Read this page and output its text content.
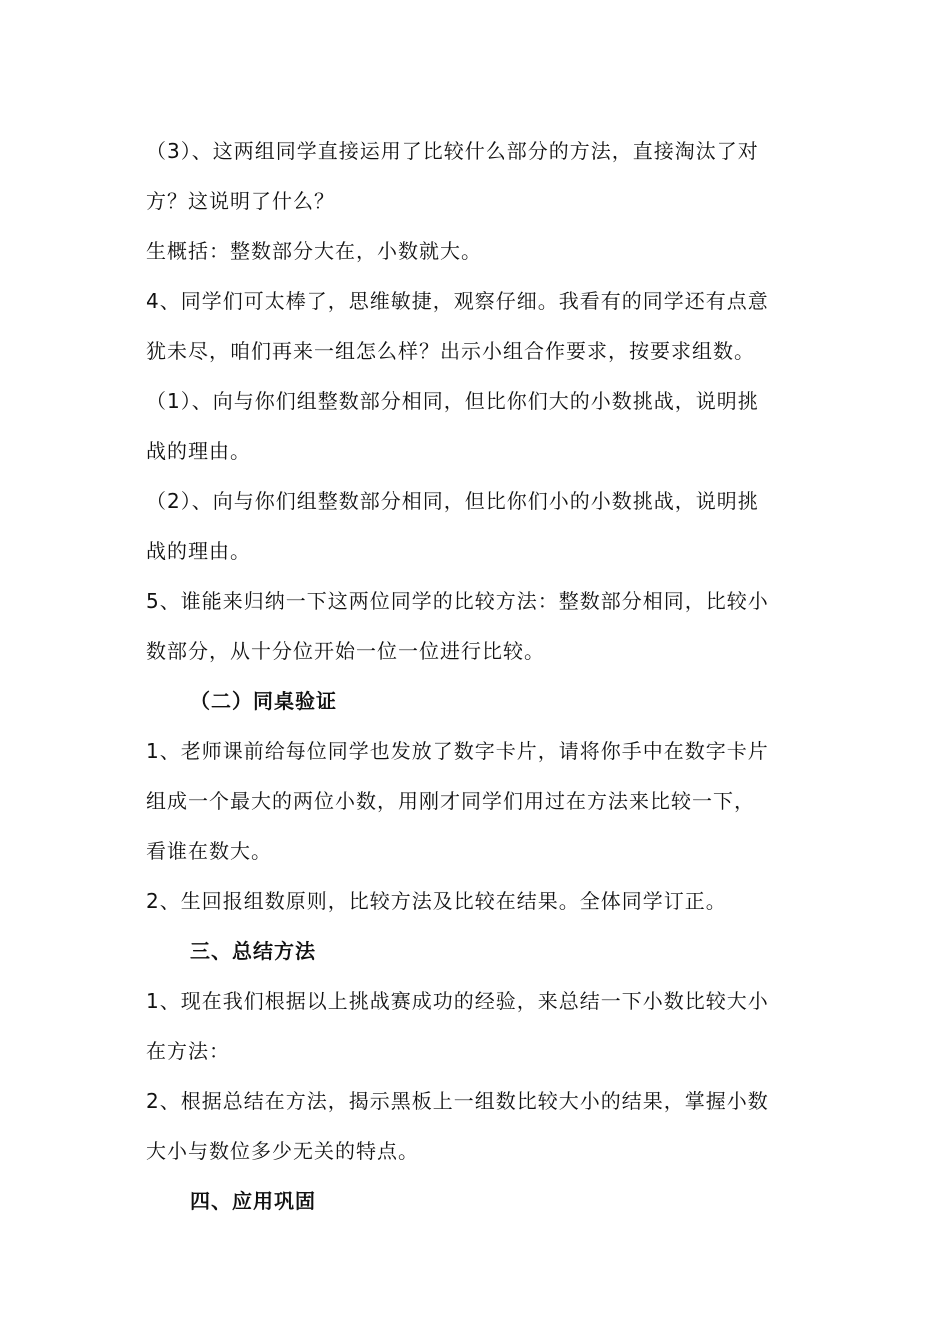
（3）、这两组同学直接运用了比较什么部分的方法，直接淘汰了对
方？这说明了什么？
生概括：整数部分大在，小数就大。
4、同学们可太棒了，思维敏捷，观察仔细。我看有的同学还有点意
犹未尽，咱们再来一组怎么样？出示小组合作要求，按要求组数。
（1）、向与你们组整数部分相同，但比你们大的小数挑战，说明挑
战的理由。
（2）、向与你们组整数部分相同，但比你们小的小数挑战，说明挑
战的理由。
5、谁能来归纳一下这两位同学的比较方法：整数部分相同，比较小
数部分，从十分位开始一位一位进行比较。
（二）同桌验证
1、老师课前给每位同学也发放了数字卡片，请将你手中在数字卡片
组成一个最大的两位小数，用刚才同学们用过在方法来比较一下，
看谁在数大。
2、生回报组数原则，比较方法及比较在结果。全体同学订正。
三、总结方法
1、现在我们根据以上挑战赛成功的经验，来总结一下小数比较大小
在方法：
2、根据总结在方法，揭示黑板上一组数比较大小的结果，掌握小数
大小与数位多少无关的特点。
四、应用巩固
